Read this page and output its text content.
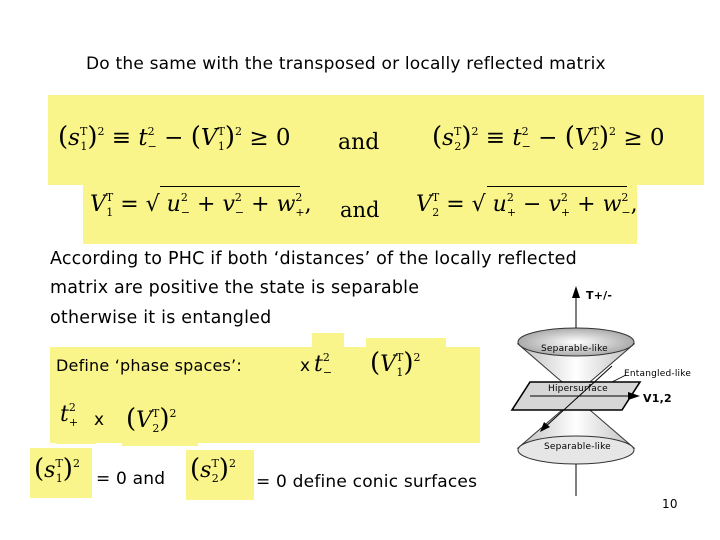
Do the same with the transposed or locally reflected matrix
$(s^T_1)^2 \equiv t^2_- - (V^T_1)^2 \ge 0$ and $(s^T_2)^2 \equiv t^2_- - (V^T_2)^2 \ge 0$
$V^T_1$ = √ $u^2_- + v^2_- + w^2_+$, and $V^T_2$ = √ $u^2_+ - v^2_+ + w^2_-$,
According to PHC if both ‘distances’ of the locally reflected
matrix are positive the state is separable
otherwise it is entangled
Define ‘phase spaces’:	x $t^2_-$ $(V^T_1)^2$
$t^2_+$ x $(V^T_2)^2$
$(s^T_1)^2$
= 0 and $(s^T_2)^2$
= 0 define conic surfaces
T+/-
V1,2
Separable-like
Entangled-like
Hipersurface
Separable-like
10
